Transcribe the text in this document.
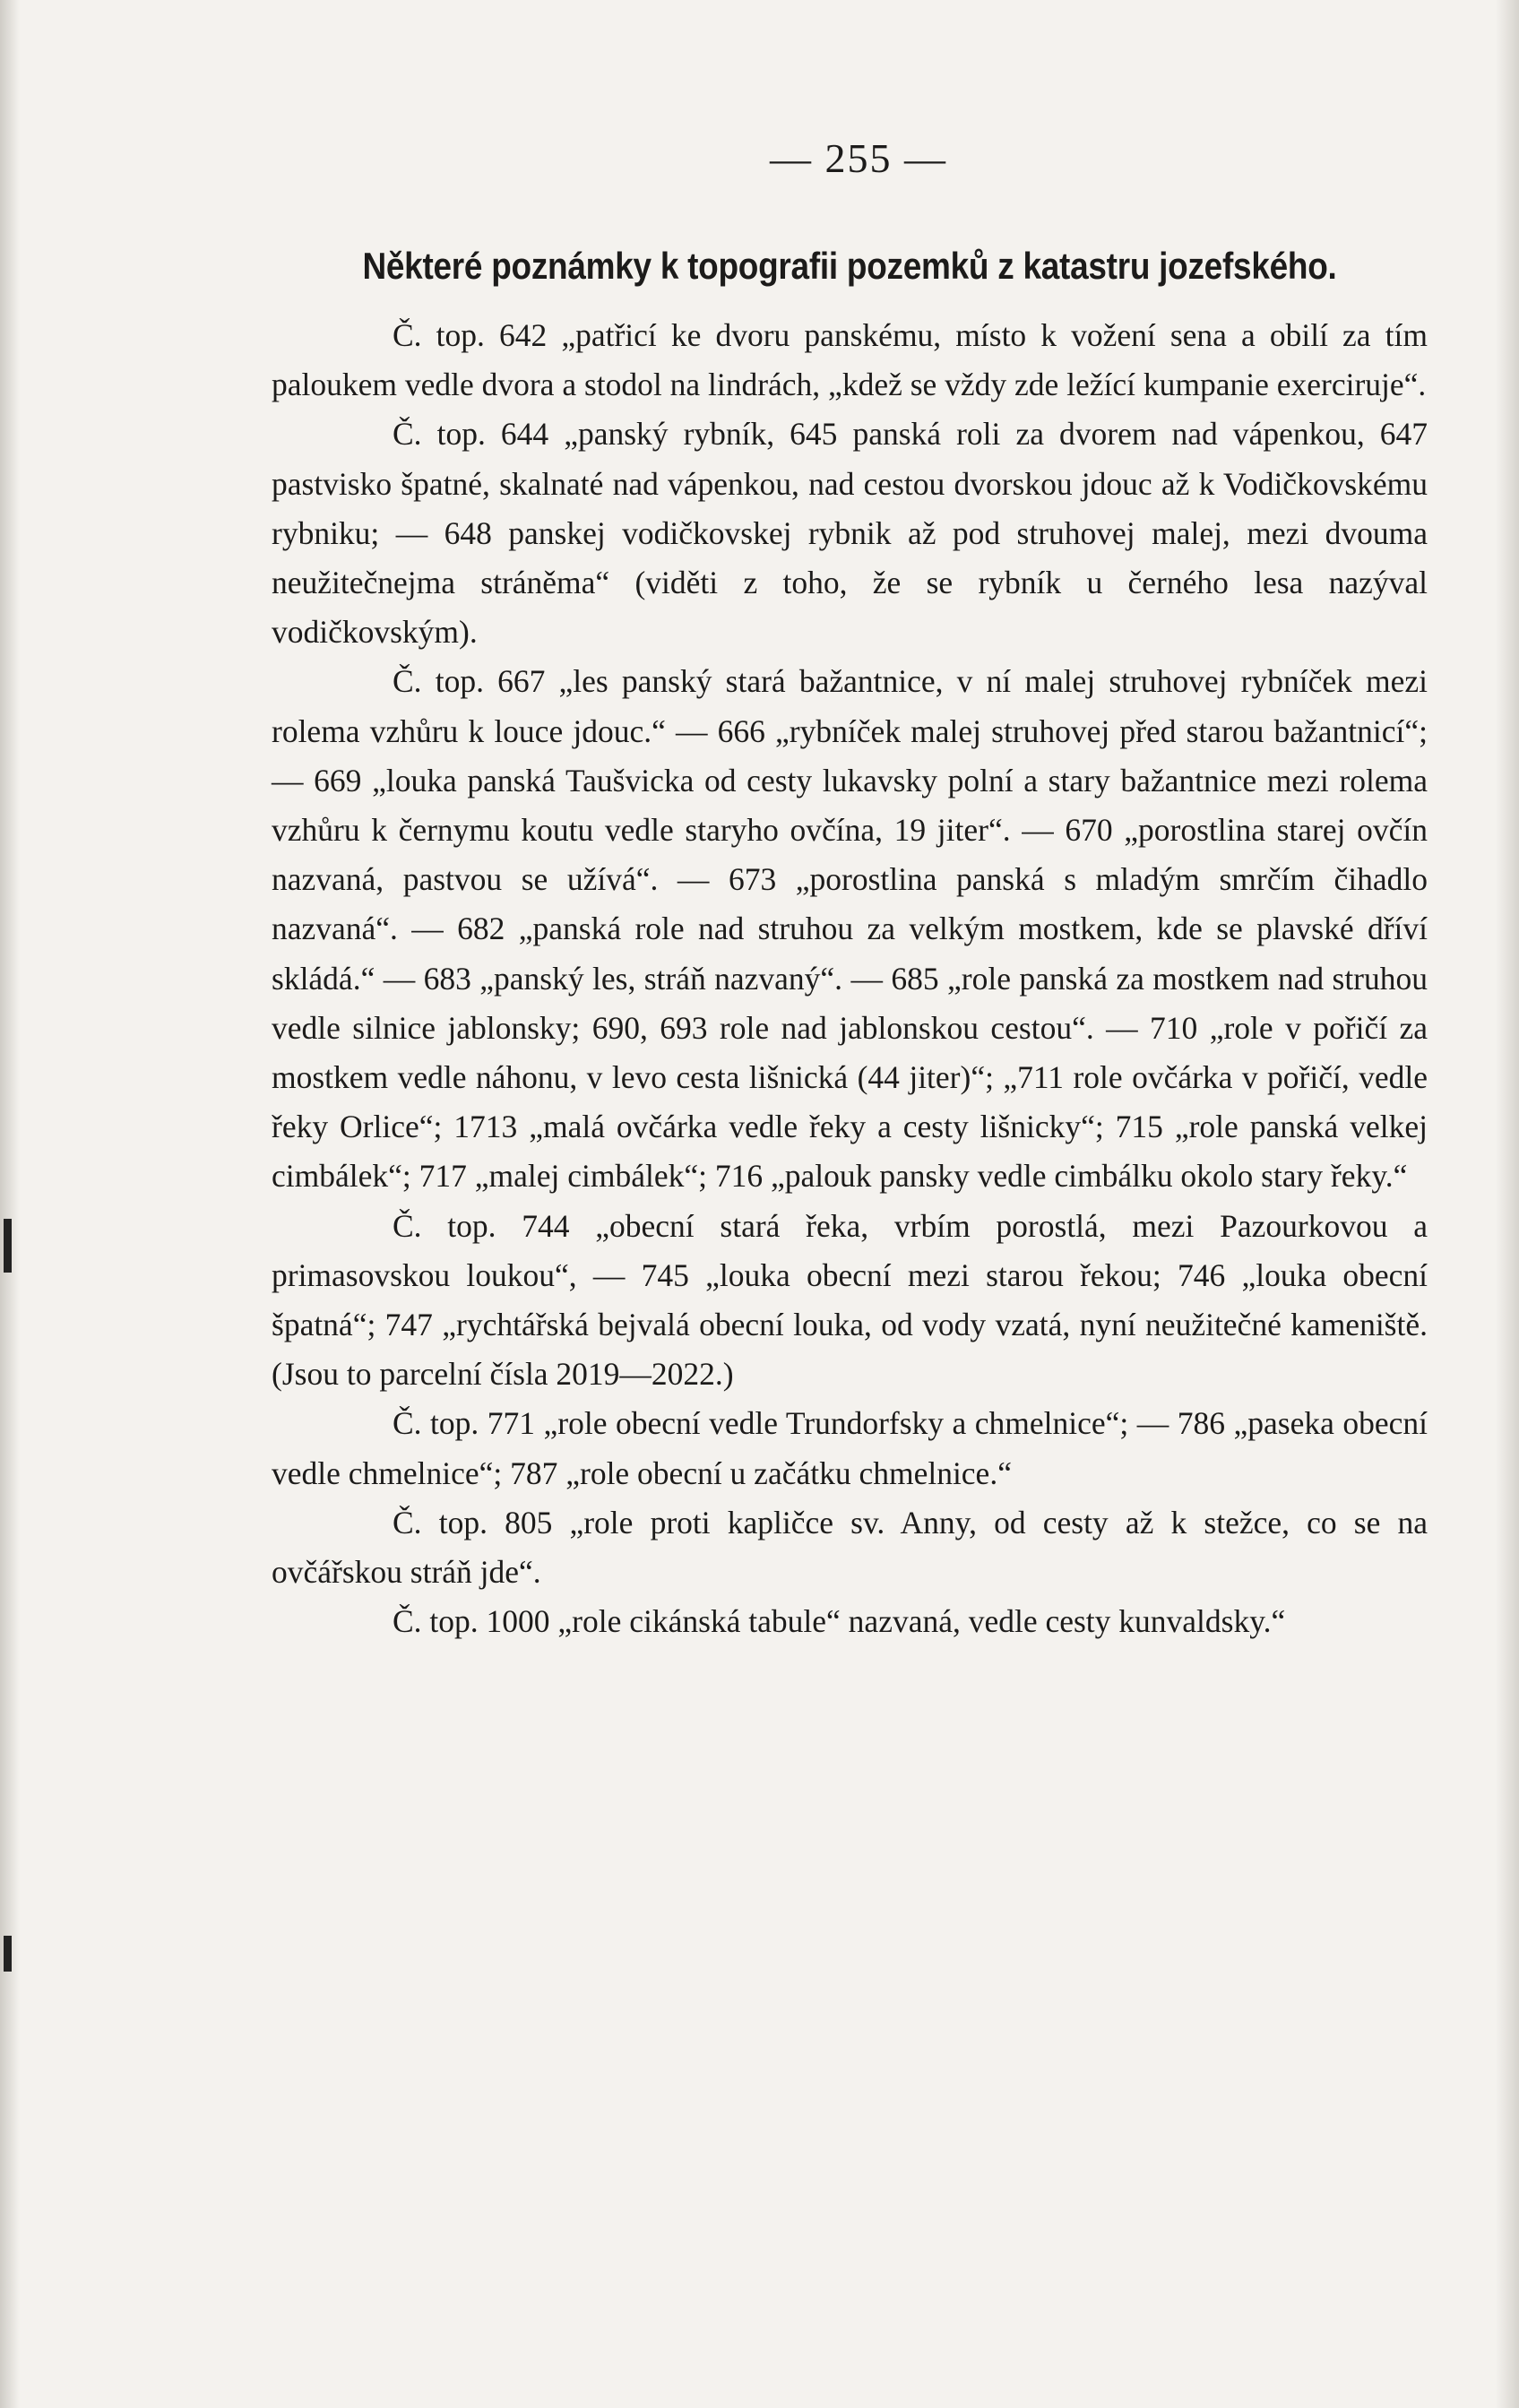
— 255 —
Některé poznámky k topografii pozemků z katastru jozefského.

Č. top. 642 „patřicí ke dvoru panskému, místo k vožení sena a obilí za tím paloukem vedle dvora a stodol na lindrách, „kdež se vždy zde ležící kumpanie exerciruje“.

Č. top. 644 „panský rybník, 645 panská roli za dvorem nad vápenkou, 647 pastvisko špatné, skalnaté nad vápenkou, nad cestou dvorskou jdouc až k Vodičkovskému rybniku; — 648 panskej vodičkovskej rybnik až pod struhovej malej, mezi dvouma neužitečnejma stráněma“ (viděti z toho, že se rybník u černého lesa nazýval vodičkovským).

Č. top. 667 „les panský stará bažantnice, v ní malej struhovej rybníček mezi rolema vzhůru k louce jdouc.“ — 666 „rybníček malej struhovej před starou bažantnicí“; — 669 „louka panská Taušvicka od cesty lukavsky polní a stary bažantnice mezi rolema vzhůru k černymu koutu vedle staryho ovčína, 19 jiter“. — 670 „porostlina starej ovčín nazvaná, pastvou se užívá“. — 673 „porostlina panská s mladým smrčím čihadlo nazvaná“. — 682 „panská role nad struhou za velkým mostkem, kde se plavské dříví skládá.“ — 683 „panský les, stráň nazvaný“. — 685 „role panská za mostkem nad struhou vedle silnice jablonsky; 690, 693 role nad jablonskou cestou“. — 710 „role v pořičí za mostkem vedle náhonu, v levo cesta lišnická (44 jiter)“; „711 role ovčárka v pořičí, vedle řeky Orlice“; 1713 „malá ovčárka vedle řeky a cesty lišnicky“; 715 „role panská velkej cimbálek“; 717 „malej cimbálek“; 716 „palouk pansky vedle cimbálku okolo stary řeky.“

Č. top. 744 „obecní stará řeka, vrbím porostlá, mezi Pazourkovou a primasovskou loukou“, — 745 „louka obecní mezi starou řekou; 746 „louka obecní špatná“; 747 „rychtářská bejvalá obecní louka, od vody vzatá, nyní neužitečné kameniště. (Jsou to parcelní čísla 2019—2022.)

Č. top. 771 „role obecní vedle Trundorfsky a chmelnice“; — 786 „paseka obecní vedle chmelnice“; 787 „role obecní u začátku chmelnice.“

Č. top. 805 „role proti kapličce sv. Anny, od cesty až k stežce, co se na ovčářskou stráň jde“.

Č. top. 1000 „role cikánská tabule“ nazvaná, vedle cesty kunvaldsky.“
